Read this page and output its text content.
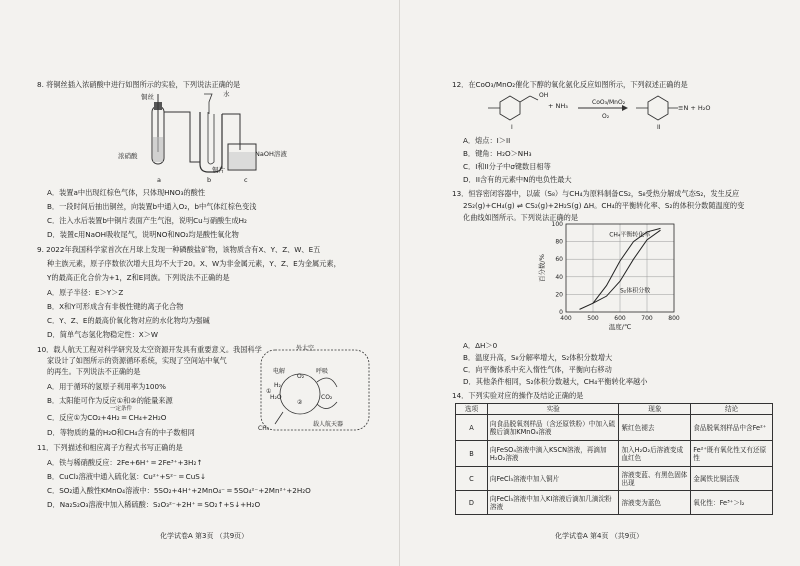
8. 将铜丝插入浓硝酸中进行如图所示的实验，下列说法正确的是
铜丝	水
浓硝酸	NaOH溶液
铜片
a	b	c
A．装置a中出现红棕色气体，只体现HNO₃的酸性
B．一段时间后抽出铜丝，向装置b中通入O₂，b中气体红棕色变浅
C．注入水后装置b中铜片表面产生气泡，说明Cu与硝酸生成H₂
D．装置c用NaOH吸收尾气，说明NO和NO₂均是酸性氧化物
9. 2022年我国科学家首次在月球上发现一种磷酸盐矿物，该物质含有X、Y、Z、W、E五
种主族元素，原子序数依次增大且均不大于20。X、W为非金属元素，Y、Z、E为金属元素，
Y的最高正化合价为+1，Z和E同族。下列说法不正确的是
A．原子半径：E＞Y＞Z
B．X和Y可形成含有非极性键的离子化合物
C．Y、Z、E的最高价氧化物对应的水化物均为强碱
D．简单气态氢化物稳定性：X＞W
10．载人航天工程对科学研究及太空资源开发具有重要意义。我国科学
家设计了如图所示的资源循环系统，实现了空间站中氧气
的再生。下列说法不正确的是
A．用于循环的氢原子利用率为100%
B．太阳能可作为反应①和②的能量来源
C．反应①为CO₂+4H₂ ═ CH₄+2H₂O
一定条件
D．等物质的量的H₂O和CH₄含有的中子数相同
外太空
电解	呼吸
O₂
H₂
H₂O	CO₂
①
②
CH₄
载人航天器
11．下列描述和相应离子方程式书写正确的是
A．铁与稀硝酸反应：2Fe+6H⁺ ═ 2Fe³⁺+3H₂↑
B．CuCl₂溶液中通入硫化氢：Cu²⁺+S²⁻ ═ CuS↓
C．SO₂通入酸性KMnO₄溶液中：5SO₂+4H⁺+2MnO₄⁻ ═ 5SO₄²⁻+2Mn²⁺+2H₂O
D．Na₂S₂O₃溶液中加入稀硫酸：S₂O₃²⁻+2H⁺ ═ SO₂↑+S↓+H₂O
化学试卷A 第3页 （共9页）
12．在CoO₃/MnO₂催化下醇的氧化氨化反应如图所示，下列叙述正确的是
OH
+ NH₃	CoO₃/MnO₂
O₂
≡N + H₂O
I	II
A．熔点：I＞II
B．键角：H₂O＞NH₃
C．I和II分子中σ键数目相等
D．II含有的元素中N的电负性最大
13．恒容密闭容器中，以硫（S₈）与CH₄为原料制备CS₂，S₈受热分解成气态S₂，发生反应
2S₂(g)+CH₄(g) ⇌ CS₂(g)+2H₂S(g) ΔH。CH₄的平衡转化率、S₂的体积分数随温度的变
化曲线如图所示。下列说法正确的是
400	500	600	700	800
0
20
40
60
80
100
CH₄平衡转化率
S₂体积分数
温度/℃
百分数/%
A．ΔH＞0
B．温度升高，S₈分解率增大，S₂体积分数增大
C．向平衡体系中充入惰性气体，平衡向右移动
D．其他条件相同，S₂体积分数越大，CH₄平衡转化率越小
14．下列实验对应的操作及结论正确的是
选项	实验	现象	结论
A	向食品脱氧剂样品（含还原铁粉）中加入硫酸后滴加KMnO₄溶液	紫红色褪去	食品脱氧剂样品中含Fe²⁺
B	向FeSO₄溶液中滴入KSCN溶液，再滴加H₂O₂溶液	加入H₂O₂后溶液变成血红色	Fe²⁺既有氧化性又有还原性
C	向FeCl₃溶液中加入铜片	溶液变蓝、有黑色固体出现	金属铁比铜活泼
D	向FeCl₃溶液中加入KI溶液后滴加几滴淀粉溶液	溶液变为蓝色	氧化性：Fe³⁺＞I₂
化学试卷A 第4页 （共9页）
